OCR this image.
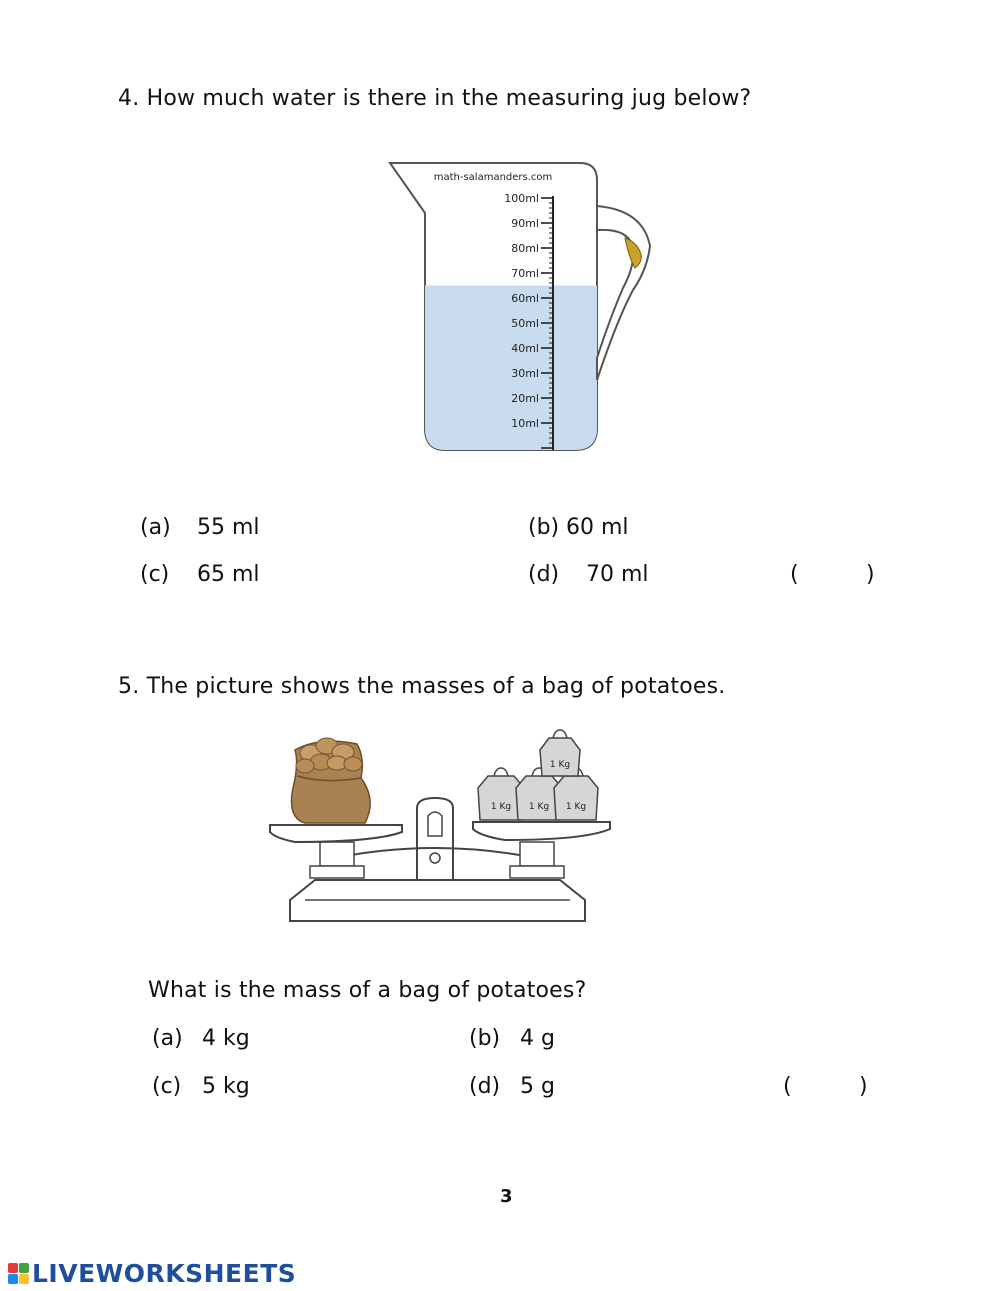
4. How much water is there in the measuring jug below?
math-salamanders.com
100ml
90ml
80ml
70ml
60ml
50ml
40ml
30ml
20ml
10ml
(a) 55 ml	(b) 60 ml
(c) 65 ml	(d) 70 ml	(	)
5. The picture shows the masses of a bag of potatoes.
1 Kg 1 Kg 1 Kg
1 Kg
What is the mass of a bag of potatoes?
(a) 4 kg	(b) 4 g
(c) 5 kg	(d) 5 g	(	)
3
LIVEWORKSHEETS
